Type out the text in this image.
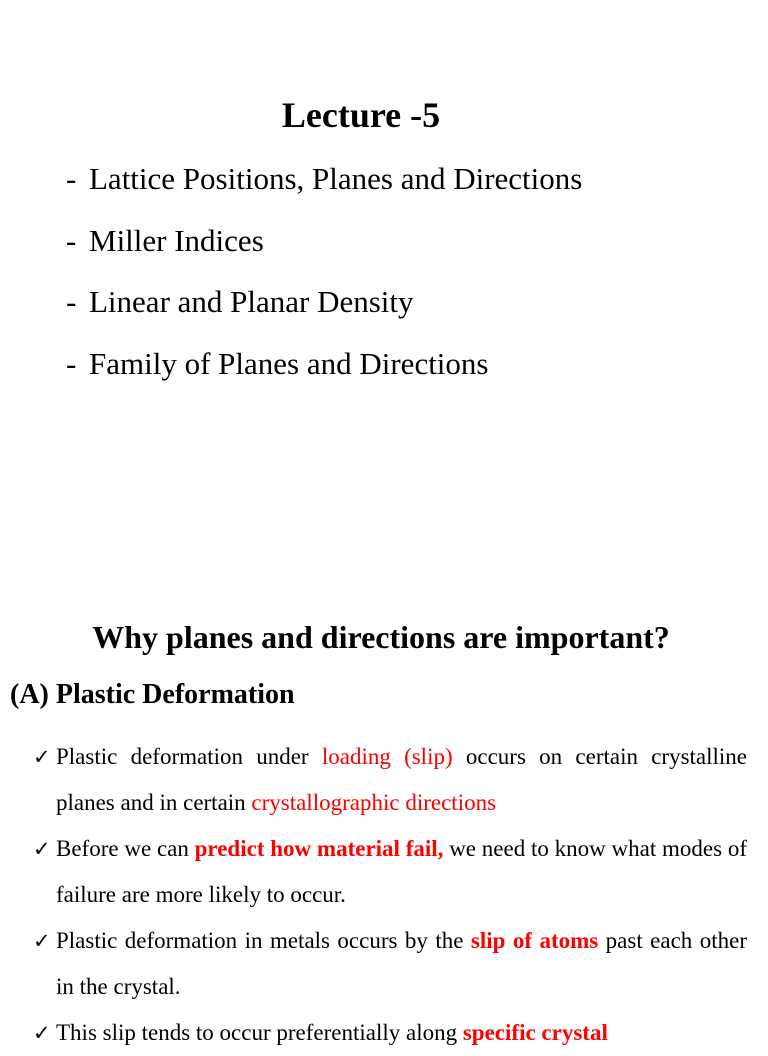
Lecture -5
- Lattice Positions, Planes and Directions
- Miller Indices
- Linear and Planar Density
- Family of Planes and Directions
Why planes and directions are important?
(A) Plastic Deformation
✓ Plastic deformation under loading (slip) occurs on certain crystalline planes and in certain crystallographic directions
✓ Before we can predict how material fail, we need to know what modes of failure are more likely to occur.
✓ Plastic deformation in metals occurs by the slip of atoms past each other in the crystal.
✓ This slip tends to occur preferentially along specific crystal
